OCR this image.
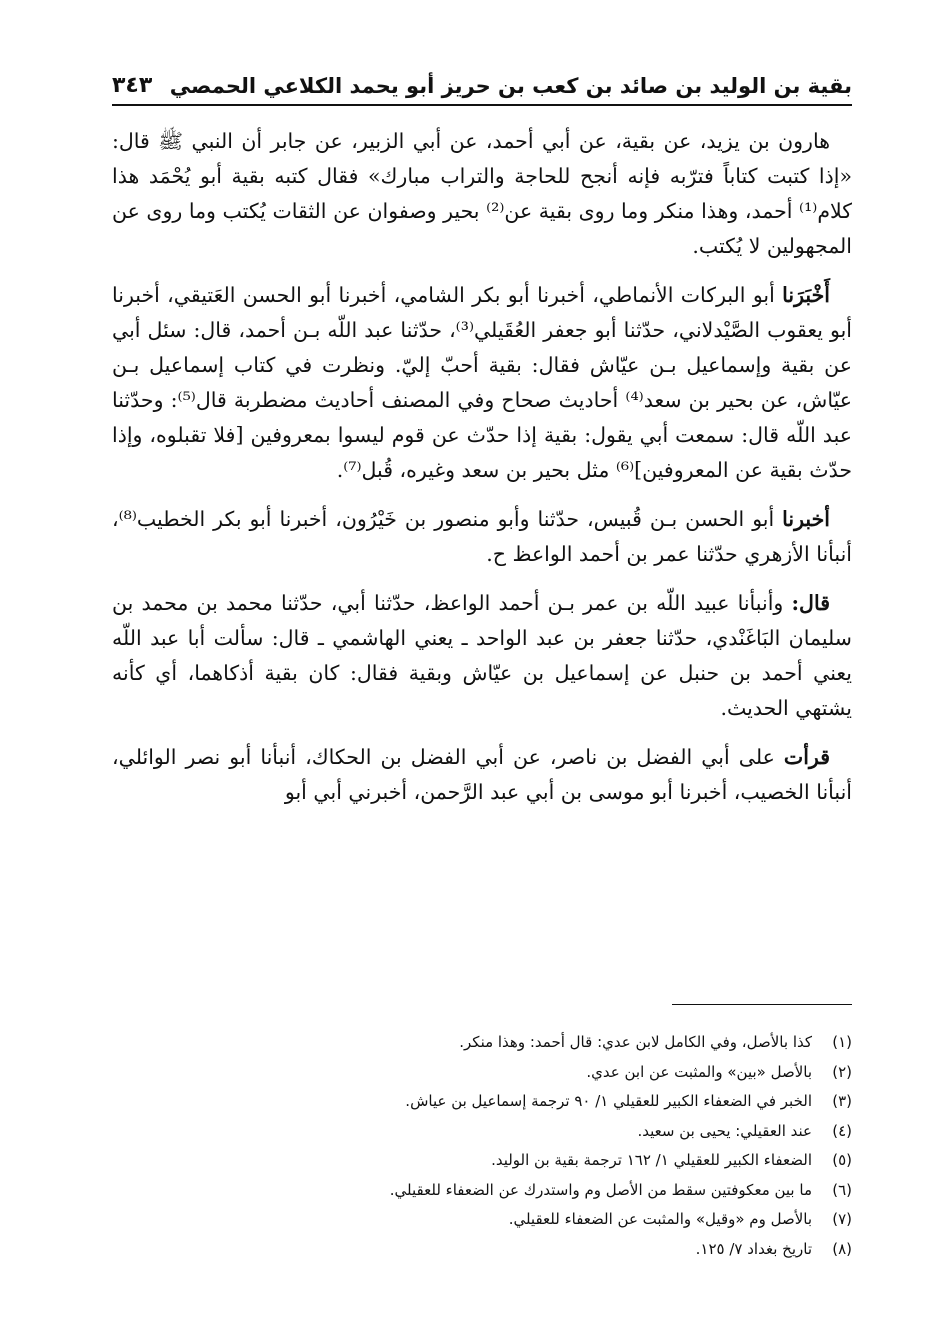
بقية بن الوليد بن صائد بن كعب بن حريز أبو يحمد الكلاعي الحمصي
٣٤٣

هارون بن يزيد، عن بقية، عن أبي أحمد، عن أبي الزبير، عن جابر أن النبي ﷺ قال: «إذا كتبت كتاباً فترّبه فإنه أنجح للحاجة والتراب مبارك» فقال كتبه بقية أبو يُحْمَد هذا كلام⁽¹⁾ أحمد، وهذا منكر وما روى بقية عن⁽²⁾ بحير وصفوان عن الثقات يُكتب وما روى عن المجهولين لا يُكتب.

أَخْبَرَنا أبو البركات الأنماطي، أخبرنا أبو بكر الشامي، أخبرنا أبو الحسن العَتيقي، أخبرنا أبو يعقوب الصَّيْدلاني، حدّثنا أبو جعفر العُقَيلي⁽³⁾، حدّثنا عبد اللّه بـن أحمد، قال: سئل أبي عن بقية وإسماعيل بـن عيّاش فقال: بقية أحبّ إليّ. ونظرت في كتاب إسماعيل بـن عيّاش، عن بحير بن سعد⁽⁴⁾ أحاديث صحاح وفي المصنف أحاديث مضطربة قال⁽⁵⁾: وحدّثنا عبد اللّه قال: سمعت أبي يقول: بقية إذا حدّث عن قوم ليسوا بمعروفين [فلا تقبلوه، وإذا حدّث بقية عن المعروفين]⁽⁶⁾ مثل بحير بن سعد وغيره، قُبل⁽⁷⁾.

أخبرنا أبو الحسن بـن قُبيس، حدّثنا وأبو منصور بن خَيْرُون، أخبرنا أبو بكر الخطيب⁽⁸⁾، أنبأنا الأزهري حدّثنا عمر بن أحمد الواعظ ح.

قال: وأنبأنا عبيد اللّه بن عمر بـن أحمد الواعظ، حدّثنا أبي، حدّثنا محمد بن محمد بن سليمان البَاغَنْدي، حدّثنا جعفر بن عبد الواحد ـ يعني الهاشمي ـ قال: سألت أبا عبد اللّه يعني أحمد بن حنبل عن إسماعيل بن عيّاش وبقية فقال: كان بقية أذكاهما، أي كأنه يشتهي الحديث.

قرأت على أبي الفضل بن ناصر، عن أبي الفضل بن الحكاك، أنبأنا أبو نصر الوائلي، أنبأنا الخصيب، أخبرنا أبو موسى بن أبي عبد الرَّحمن، أخبرني أبي أبو

(١)
كذا بالأصل، وفي الكامل لابن عدي: قال أحمد: وهذا منكر.
(٢)
بالأصل «بين» والمثبت عن ابن عدي.
(٣)
الخبر في الضعفاء الكبير للعقيلي ١/ ٩٠ ترجمة إسماعيل بن عياش.
(٤)
عند العقيلي: يحيى بن سعيد.
(٥)
الضعفاء الكبير للعقيلي ١/ ١٦٢ ترجمة بقية بن الوليد.
(٦)
ما بين معكوفتين سقط من الأصل وم واستدرك عن الضعفاء للعقيلي.
(٧)
بالأصل وم «وقيل» والمثبت عن الضعفاء للعقيلي.
(٨)
تاريخ بغداد ٧/ ١٢٥.
